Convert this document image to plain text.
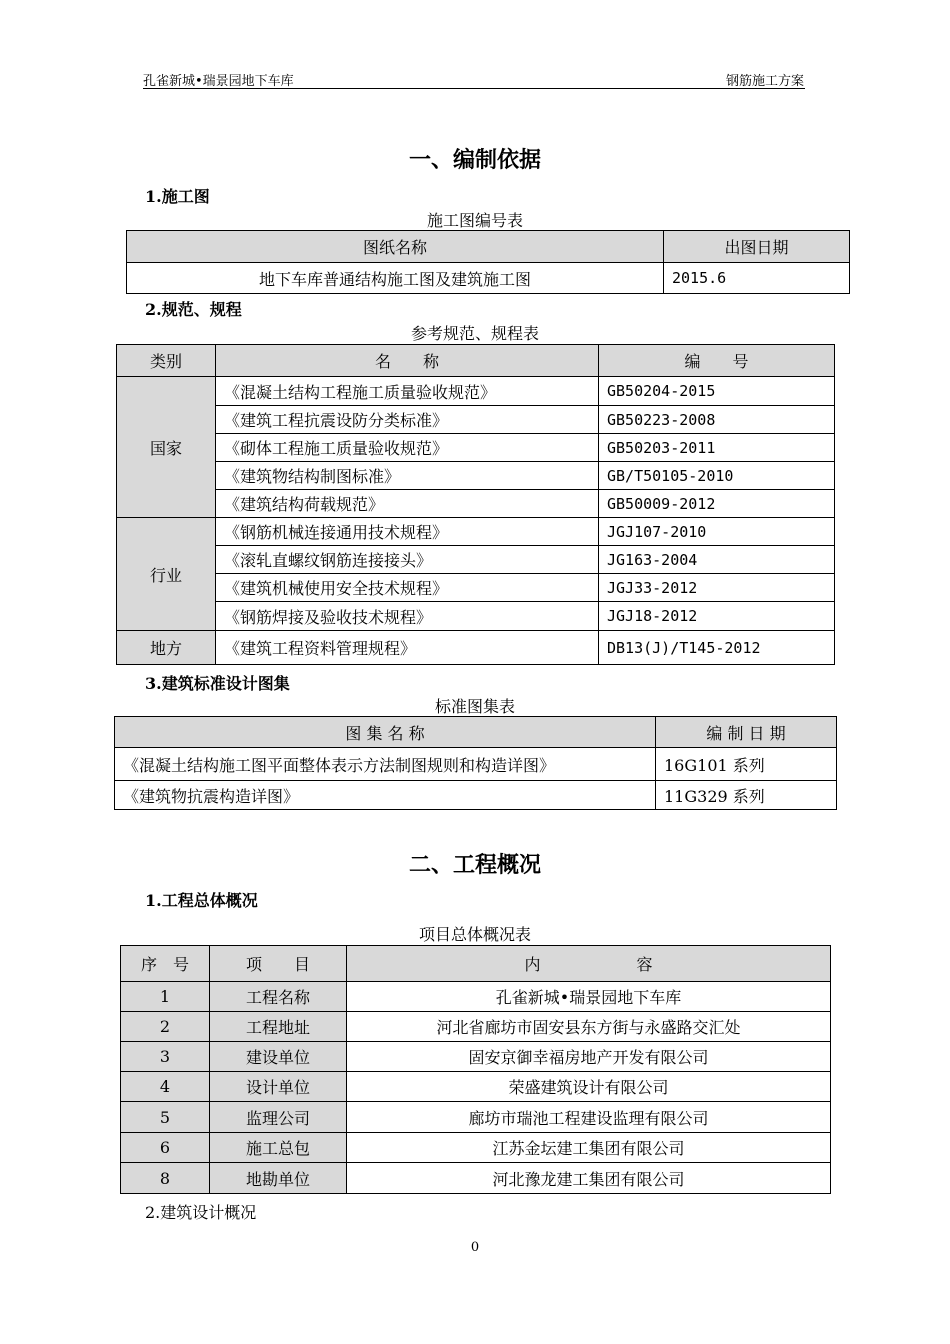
孔雀新城•瑞景园地下车库	钢筋施工方案
一、编制依据
1.施工图
施工图编号表
图纸名称	出图日期
地下车库普通结构施工图及建筑施工图	2015.6
2.规范、规程
参考规范、规程表
类别	名　　称	编　　号
国家	《混凝土结构工程施工质量验收规范》	GB50204-2015
	《建筑工程抗震设防分类标准》	GB50223-2008
	《砌体工程施工质量验收规范》	GB50203-2011
	《建筑物结构制图标准》	GB/T50105-2010
	《建筑结构荷载规范》	GB50009-2012
行业	《钢筋机械连接通用技术规程》	JGJ107-2010
	《滚轧直螺纹钢筋连接接头》	JG163-2004
	《建筑机械使用安全技术规程》	JGJ33-2012
	《钢筋焊接及验收技术规程》	JGJ18-2012
地方	《建筑工程资料管理规程》	DB13(J)/T145-2012
3.建筑标准设计图集
标准图集表
图 集 名 称	编 制 日 期
《混凝土结构施工图平面整体表示方法制图规则和构造详图》	16G101 系列
《建筑物抗震构造详图》	11G329 系列
二、工程概况
1.工程总体概况
项目总体概况表
序　号	项　　目	内　　　　　　容
1	工程名称	孔雀新城•瑞景园地下车库
2	工程地址	河北省廊坊市固安县东方街与永盛路交汇处
3	建设单位	固安京御幸福房地产开发有限公司
4	设计单位	荣盛建筑设计有限公司
5	监理公司	廊坊市瑞池工程建设监理有限公司
6	施工总包	江苏金坛建工集团有限公司
8	地勘单位	河北豫龙建工集团有限公司
2.建筑设计概况
0
